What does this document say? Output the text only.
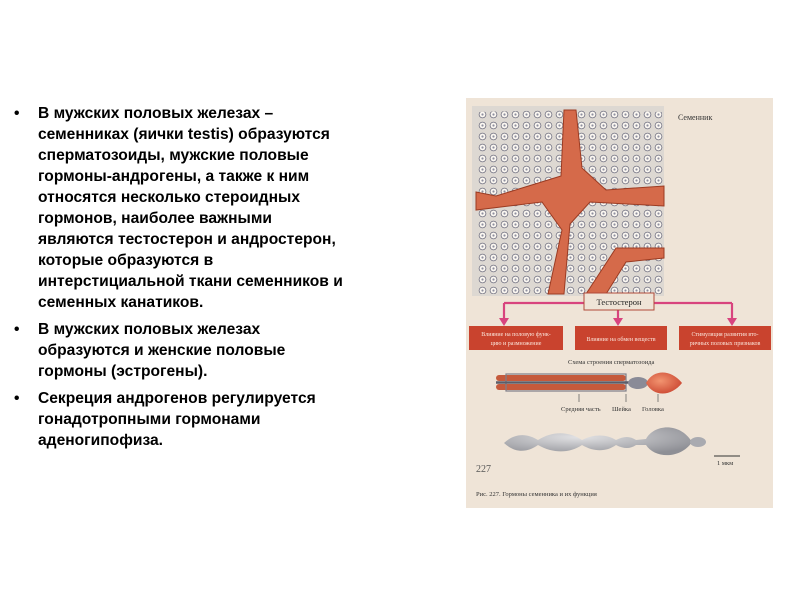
• В мужских половых железах – семенниках (яички testis) образуются сперматозоиды, мужские половые гормоны-андрогены, а также к ним относятся несколько стероидных гормонов, наиболее важными являются тестостерон и андростерон, которые образуются в интерстициальной ткани семенников и семенных канатиков.
• В мужских половых железах образуются и женские половые гормоны (эстрогены).
• Секреция андрогенов регулируется гонадотропными гормонами аденогипофиза.
Семенник
Тестостерон
Влияние на половую функ-
цию и размножение
Влияние на обмен веществ
Стимуляция развития вто-
ричных половых признаков
Схема строения сперматозоида
Средняя часть Шейка Головка
227
1 мкм
Рис. 227. Гормоны семенника и их функция
